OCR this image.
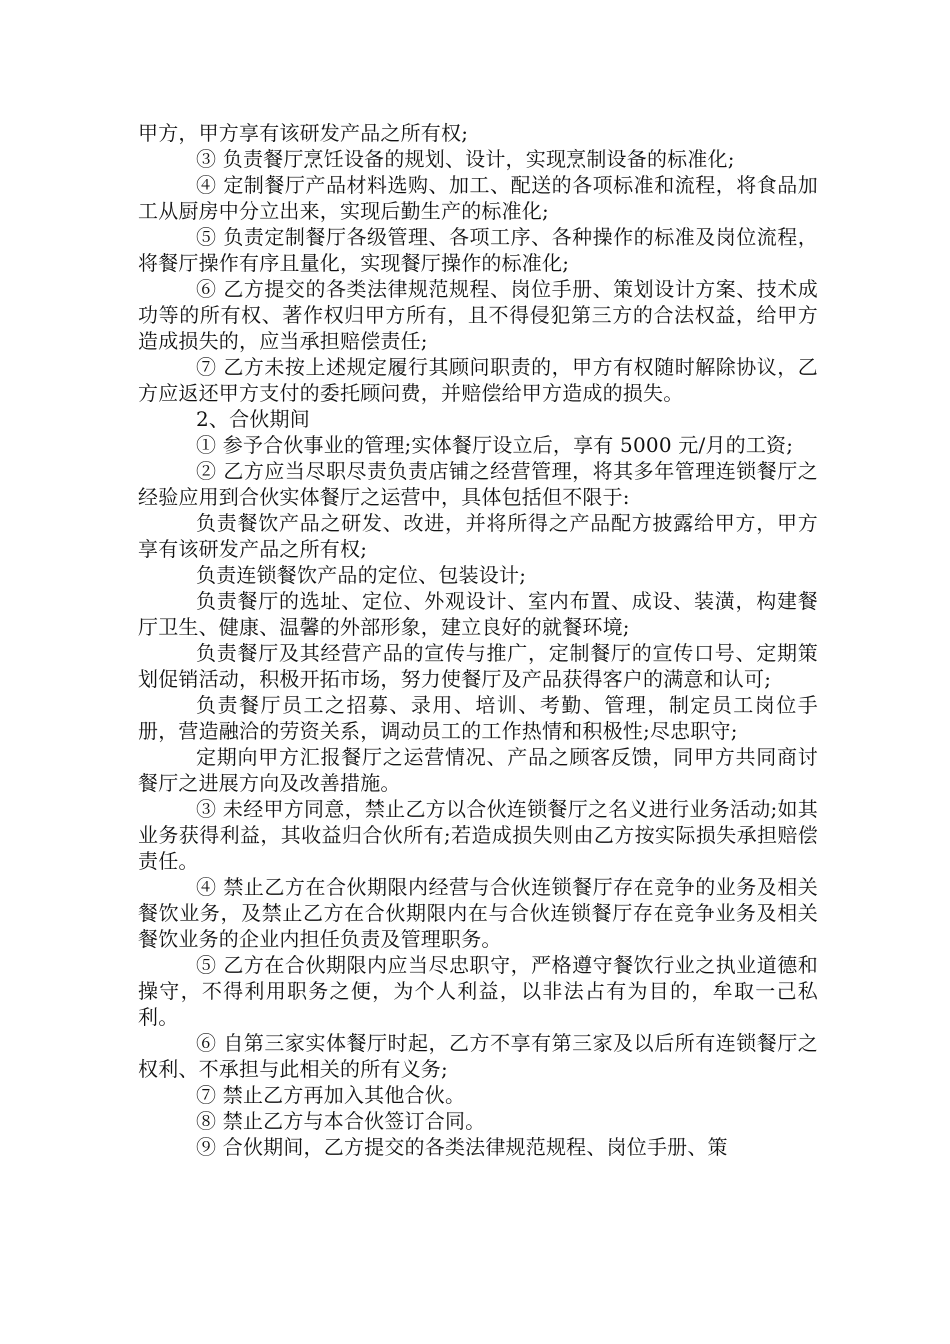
甲方，甲方享有该研发产品之所有权;

③ 负责餐厅烹饪设备的规划、设计，实现烹制设备的标准化;

④ 定制餐厅产品材料选购、加工、配送的各项标准和流程，将食品加工从厨房中分立出来，实现后勤生产的标准化;

⑤ 负责定制餐厅各级管理、各项工序、各种操作的标准及岗位流程，将餐厅操作有序且量化，实现餐厅操作的标准化;

⑥ 乙方提交的各类法律规范规程、岗位手册、策划设计方案、技术成功等的所有权、著作权归甲方所有，且不得侵犯第三方的合法权益，给甲方造成损失的，应当承担赔偿责任;

⑦ 乙方未按上述规定履行其顾问职责的，甲方有权随时解除协议，乙方应返还甲方支付的委托顾问费，并赔偿给甲方造成的损失。

2、合伙期间

① 参予合伙事业的管理;实体餐厅设立后，享有 5000 元/月的工资;

② 乙方应当尽职尽责负责店铺之经营管理，将其多年管理连锁餐厅之经验应用到合伙实体餐厅之运营中，具体包括但不限于:

负责餐饮产品之研发、改进，并将所得之产品配方披露给甲方，甲方享有该研发产品之所有权;

负责连锁餐饮产品的定位、包装设计;

负责餐厅的选址、定位、外观设计、室内布置、成设、装潢，构建餐厅卫生、健康、温馨的外部形象，建立良好的就餐环境;

负责餐厅及其经营产品的宣传与推广，定制餐厅的宣传口号、定期策划促销活动，积极开拓市场，努力使餐厅及产品获得客户的满意和认可;

负责餐厅员工之招募、录用、培训、考勤、管理，制定员工岗位手册，营造融洽的劳资关系，调动员工的工作热情和积极性;尽忠职守;

定期向甲方汇报餐厅之运营情况、产品之顾客反馈，同甲方共同商讨餐厅之进展方向及改善措施。

③ 未经甲方同意，禁止乙方以合伙连锁餐厅之名义进行业务活动;如其业务获得利益，其收益归合伙所有;若造成损失则由乙方按实际损失承担赔偿责任。

④ 禁止乙方在合伙期限内经营与合伙连锁餐厅存在竞争的业务及相关餐饮业务，及禁止乙方在合伙期限内在与合伙连锁餐厅存在竞争业务及相关餐饮业务的企业内担任负责及管理职务。

⑤ 乙方在合伙期限内应当尽忠职守，严格遵守餐饮行业之执业道德和操守，不得利用职务之便，为个人利益，以非法占有为目的，牟取一己私利。

⑥ 自第三家实体餐厅时起，乙方不享有第三家及以后所有连锁餐厅之权利、不承担与此相关的所有义务;

⑦ 禁止乙方再加入其他合伙。

⑧ 禁止乙方与本合伙签订合同。

⑨ 合伙期间，乙方提交的各类法律规范规程、岗位手册、策
